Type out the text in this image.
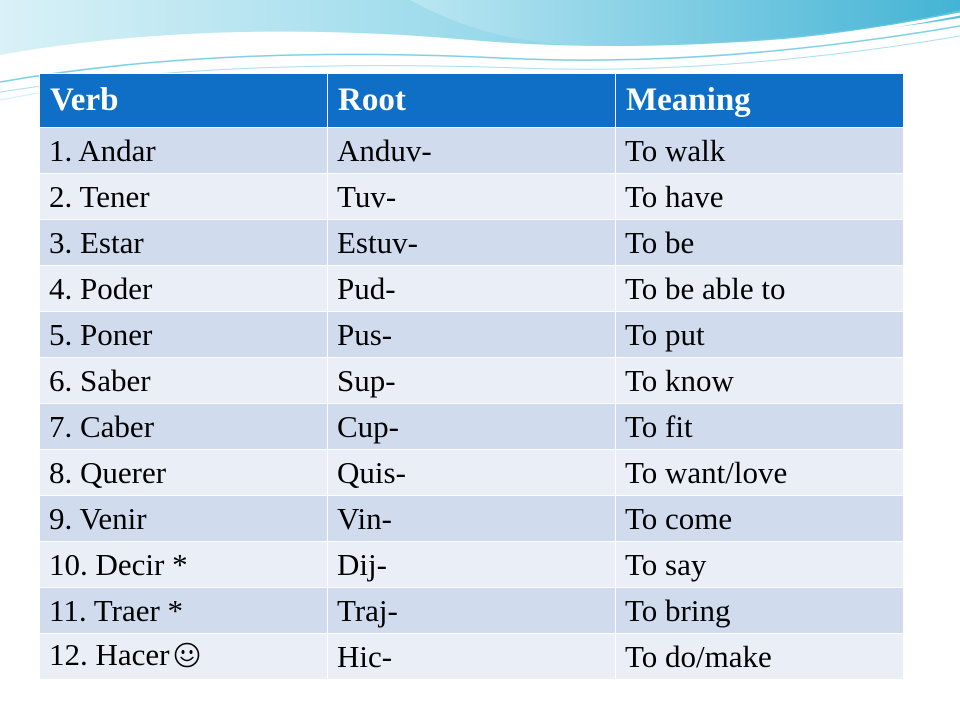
Verb	Root	Meaning
1. Andar	Anduv-	To walk
2. Tener	Tuv-	To have
3. Estar	Estuv-	To be
4. Poder	Pud-	To be able to
5. Poner	Pus-	To put
6. Saber	Sup-	To know
7. Caber	Cup-	To fit
8. Querer	Quis-	To want/love
9. Venir	Vin-	To come
10. Decir *	Dij-	To say
11. Traer *	Traj-	To bring
12. Hacer	Hic-	To do/make
